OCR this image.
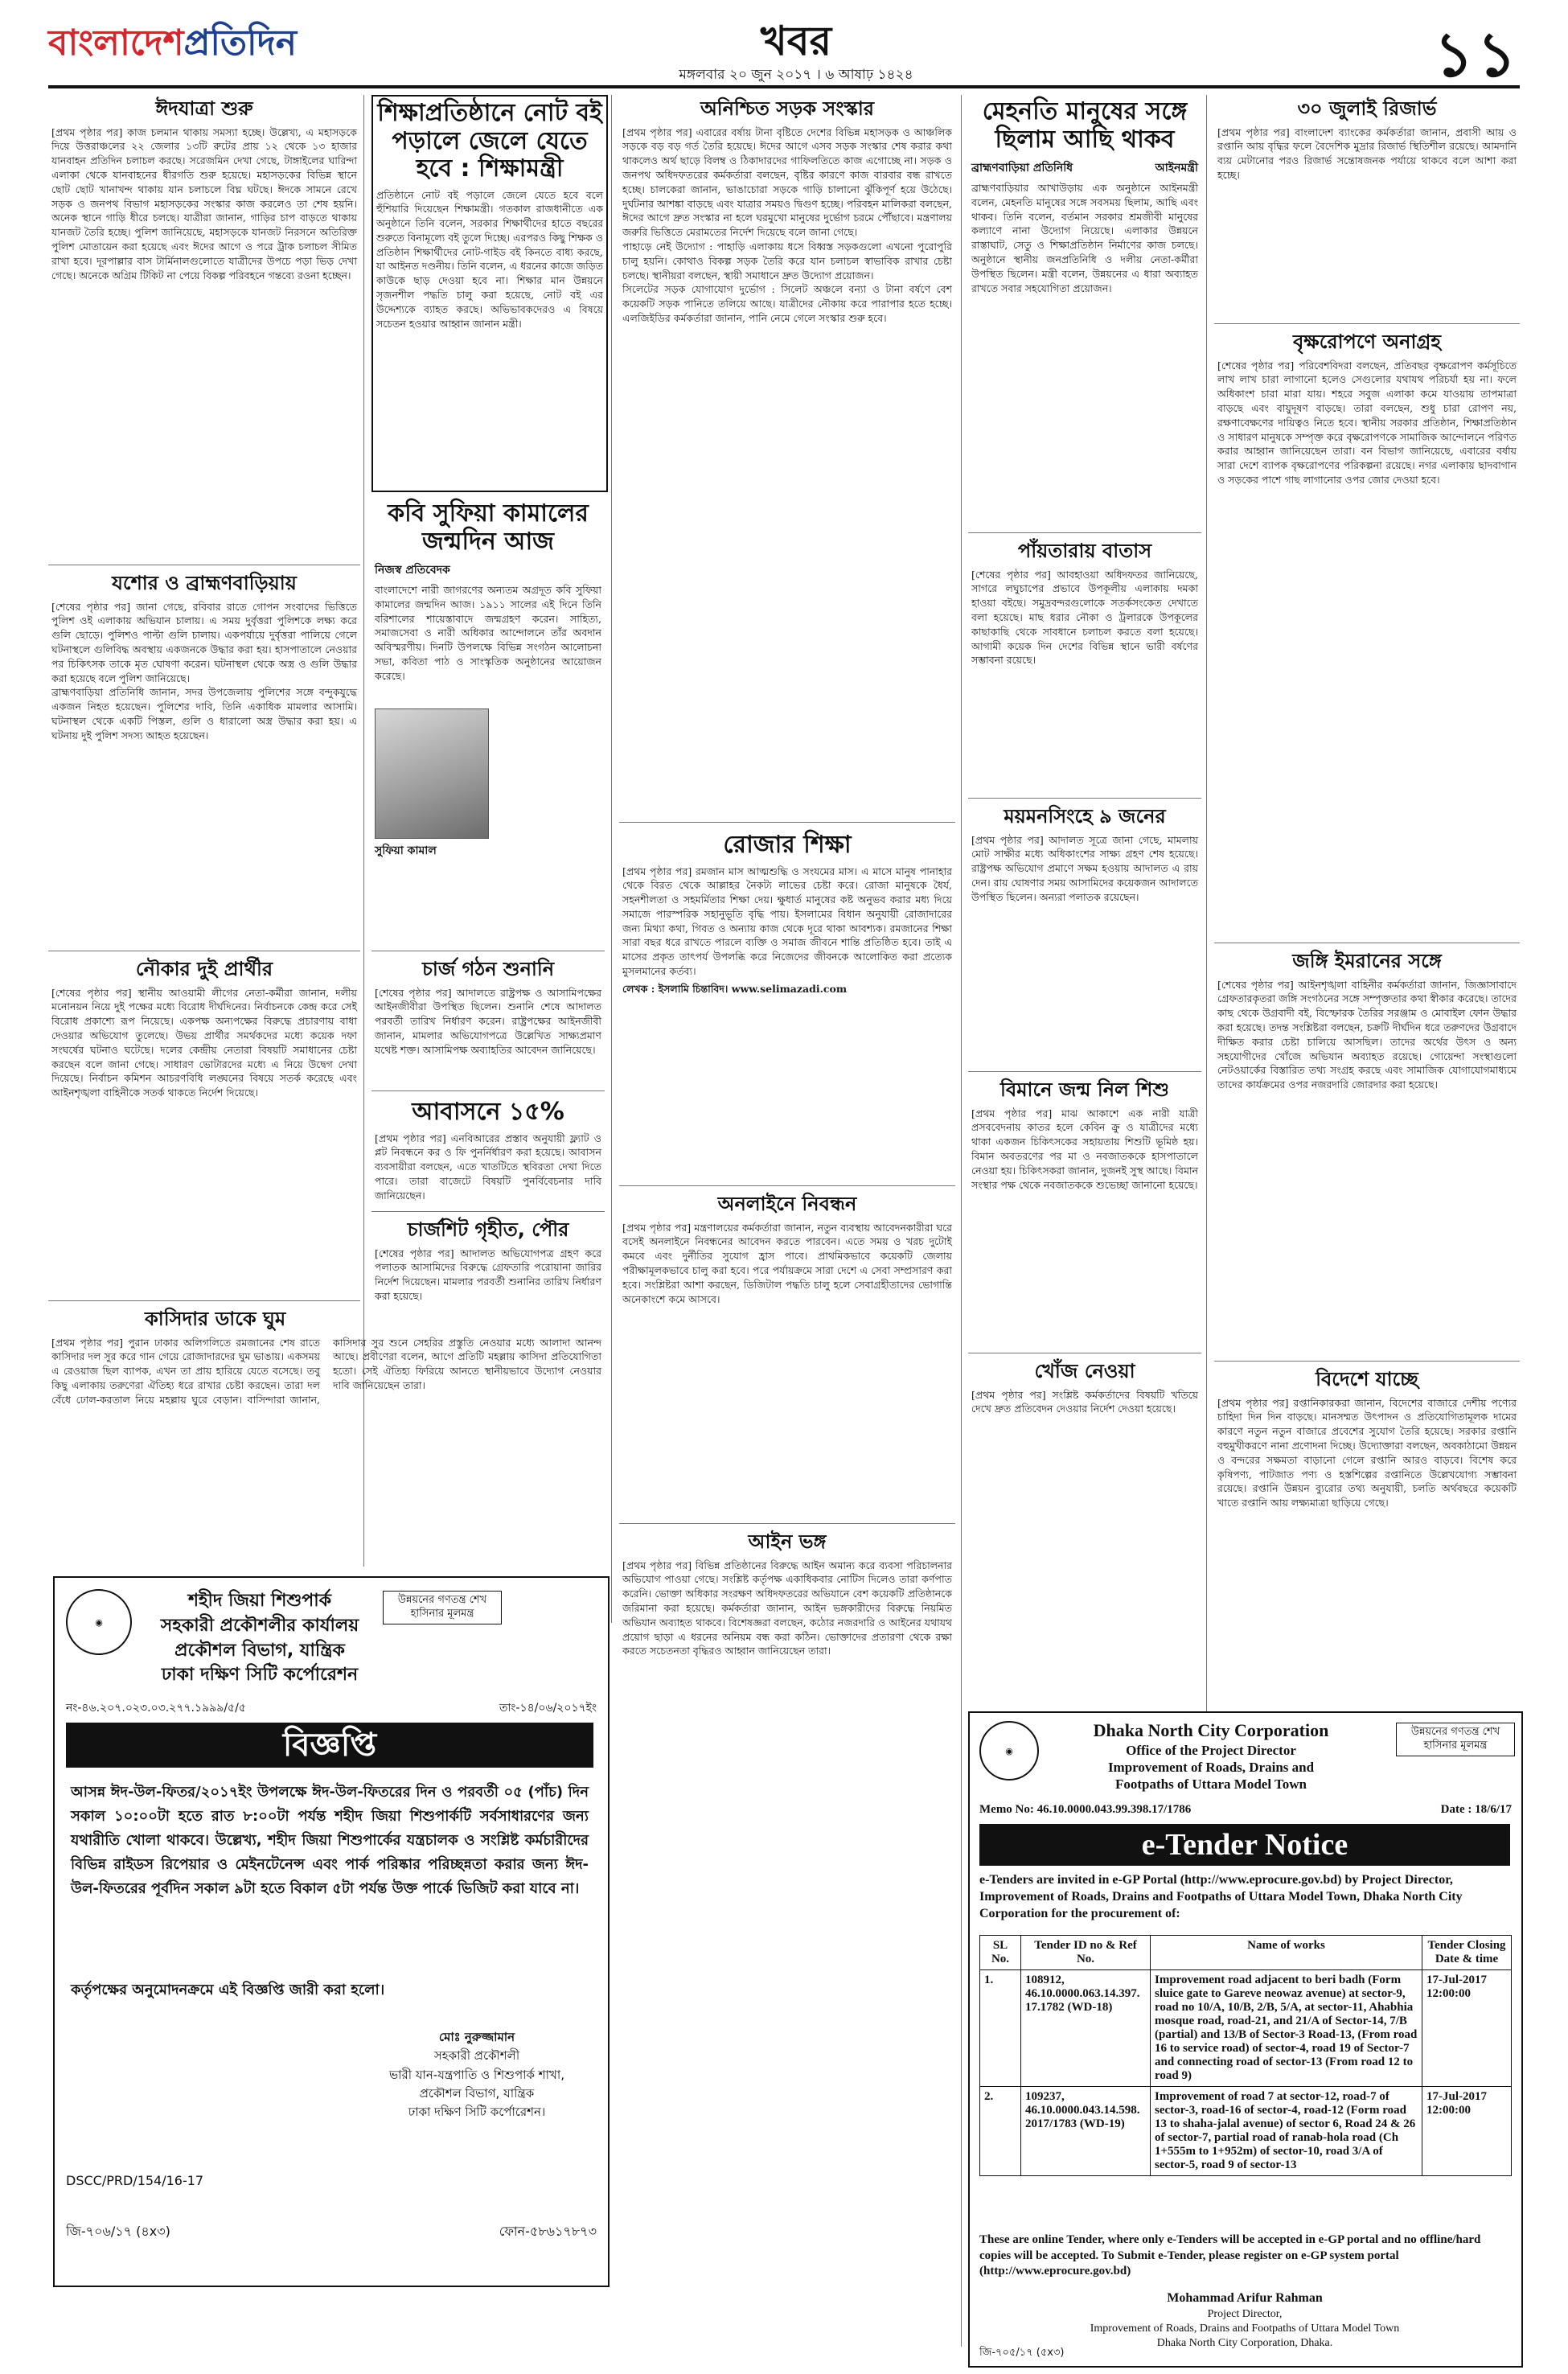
বাংলাদেশপ্রতিদিন	খবর
মঙ্গলবার ২০ জুন ২০১৭ । ৬ আষাঢ় ১৪২৪	১১
ঈদযাত্রা শুরু
[প্রথম পৃষ্ঠার পর] কাজ চলমান থাকায় সমস্যা হচ্ছে। উল্লেখ্য, এ মহাসড়কে দিয়ে উত্তরাঞ্চলের ২২ জেলার ১৩টি রুটের প্রায় ১২ থেকে ১৩ হাজার যানবাহন প্রতিদিন চলাচল করছে। সরেজমিন দেখা গেছে, টাঙ্গাইলের ঘারিন্দা এলাকা থেকে যানবাহনের ধীরগতি শুরু হয়েছে। মহাসড়কের বিভিন্ন স্থানে ছোট ছোট খানাখন্দ থাকায় যান চলাচলে বিঘ্ন ঘটছে। ঈদকে সামনে রেখে সড়ক ও জনপথ বিভাগ মহাসড়কের সংস্কার কাজ করলেও তা শেষ হয়নি। অনেক স্থানে গাড়ি ধীরে চলছে। যাত্রীরা জানান, গাড়ির চাপ বাড়তে থাকায় যানজট তৈরি হচ্ছে। পুলিশ জানিয়েছে, মহাসড়কে যানজট নিরসনে অতিরিক্ত পুলিশ মোতায়েন করা হয়েছে এবং ঈদের আগে ও পরে ট্রাক চলাচল সীমিত রাখা হবে। দূরপাল্লার বাস টার্মিনালগুলোতে যাত্রীদের উপচে পড়া ভিড় দেখা গেছে। অনেকে অগ্রিম টিকিট না পেয়ে বিকল্প পরিবহনে গন্তব্যে রওনা হচ্ছেন।
যশোর ও ব্রাহ্মণবাড়িয়ায়
[শেষের পৃষ্ঠার পর] জানা গেছে, রবিবার রাতে গোপন সংবাদের ভিত্তিতে পুলিশ ওই এলাকায় অভিযান চালায়। এ সময় দুর্বৃত্তরা পুলিশকে লক্ষ্য করে গুলি ছোড়ে। পুলিশও পাল্টা গুলি চালায়। একপর্যায়ে দুর্বৃত্তরা পালিয়ে গেলে ঘটনাস্থলে গুলিবিদ্ধ অবস্থায় একজনকে উদ্ধার করা হয়। হাসপাতালে নেওয়ার পর চিকিৎসক তাকে মৃত ঘোষণা করেন। ঘটনাস্থল থেকে অস্ত্র ও গুলি উদ্ধার করা হয়েছে বলে পুলিশ জানিয়েছে।
ব্রাহ্মণবাড়িয়া প্রতিনিধি জানান, সদর উপজেলায় পুলিশের সঙ্গে বন্দুকযুদ্ধে একজন নিহত হয়েছেন। পুলিশের দাবি, তিনি একাধিক মামলার আসামি। ঘটনাস্থল থেকে একটি পিস্তল, গুলি ও ধারালো অস্ত্র উদ্ধার করা হয়। এ ঘটনায় দুই পুলিশ সদস্য আহত হয়েছেন।
নৌকার দুই প্রার্থীর
[শেষের পৃষ্ঠার পর] স্থানীয় আওয়ামী লীগের নেতা-কর্মীরা জানান, দলীয় মনোনয়ন নিয়ে দুই পক্ষের মধ্যে বিরোধ দীর্ঘদিনের। নির্বাচনকে কেন্দ্র করে সেই বিরোধ প্রকাশ্যে রূপ নিয়েছে। একপক্ষ অন্যপক্ষের বিরুদ্ধে প্রচারণায় বাধা দেওয়ার অভিযোগ তুলেছে। উভয় প্রার্থীর সমর্থকদের মধ্যে কয়েক দফা সংঘর্ষের ঘটনাও ঘটেছে। দলের কেন্দ্রীয় নেতারা বিষয়টি সমাধানের চেষ্টা করছেন বলে জানা গেছে। সাধারণ ভোটারদের মধ্যে এ নিয়ে উদ্বেগ দেখা দিয়েছে। নির্বাচন কমিশন আচরণবিধি লঙ্ঘনের বিষয়ে সতর্ক করেছে এবং আইনশৃঙ্খলা বাহিনীকে সতর্ক থাকতে নির্দেশ দিয়েছে।
কাসিদার ডাকে ঘুম
[প্রথম পৃষ্ঠার পর] পুরান ঢাকার অলিগলিতে রমজানের শেষ রাতে কাসিদার দল সুর করে গান গেয়ে রোজাদারদের ঘুম ভাঙায়। একসময় এ রেওয়াজ ছিল ব্যাপক, এখন তা প্রায় হারিয়ে যেতে বসেছে। তবু কিছু এলাকায় তরুণেরা ঐতিহ্য ধরে রাখার চেষ্টা করছেন। তারা দল বেঁধে ঢোল-করতাল নিয়ে মহল্লায় ঘুরে বেড়ান। বাসিন্দারা জানান, কাসিদার সুর শুনে সেহরির প্রস্তুতি নেওয়ার মধ্যে আলাদা আনন্দ আছে। প্রবীণেরা বলেন, আগে প্রতিটি মহল্লায় কাসিদা প্রতিযোগিতা হতো। সেই ঐতিহ্য ফিরিয়ে আনতে স্থানীয়ভাবে উদ্যোগ নেওয়ার দাবি জানিয়েছেন তারা।
শিক্ষাপ্রতিষ্ঠানে নোট বই পড়ালে জেলে যেতে হবে : শিক্ষামন্ত্রী
প্রতিষ্ঠানে নোট বই পড়ালে জেলে যেতে হবে বলে হুঁশিয়ারি দিয়েছেন শিক্ষামন্ত্রী। গতকাল রাজধানীতে এক অনুষ্ঠানে তিনি বলেন, সরকার শিক্ষার্থীদের হাতে বছরের শুরুতে বিনামূল্যে বই তুলে দিচ্ছে। এরপরও কিছু শিক্ষক ও প্রতিষ্ঠান শিক্ষার্থীদের নোট-গাইড বই কিনতে বাধ্য করছে, যা আইনত দণ্ডনীয়। তিনি বলেন, এ ধরনের কাজে জড়িত কাউকে ছাড় দেওয়া হবে না। শিক্ষার মান উন্নয়নে সৃজনশীল পদ্ধতি চালু করা হয়েছে, নোট বই এর উদ্দেশ্যকে ব্যাহত করছে। অভিভাবকদেরও এ বিষয়ে সচেতন হওয়ার আহ্বান জানান মন্ত্রী।
কবি সুফিয়া কামালের জন্মদিন আজ
নিজস্ব প্রতিবেদক
বাংলাদেশে নারী জাগরণের অন্যতম অগ্রদূত কবি সুফিয়া কামালের জন্মদিন আজ। ১৯১১ সালের এই দিনে তিনি বরিশালের শায়েস্তাবাদে জন্মগ্রহণ করেন। সাহিত্য, সমাজসেবা ও নারী অধিকার আন্দোলনে তাঁর অবদান অবিস্মরণীয়। দিনটি উপলক্ষে বিভিন্ন সংগঠন আলোচনা সভা, কবিতা পাঠ ও সাংস্কৃতিক অনুষ্ঠানের আয়োজন করেছে।
সুফিয়া কামাল
চার্জ গঠন শুনানি
[শেষের পৃষ্ঠার পর] আদালতে রাষ্ট্রপক্ষ ও আসামিপক্ষের আইনজীবীরা উপস্থিত ছিলেন। শুনানি শেষে আদালত পরবর্তী তারিখ নির্ধারণ করেন। রাষ্ট্রপক্ষের আইনজীবী জানান, মামলার অভিযোগপত্রে উল্লেখিত সাক্ষ্যপ্রমাণ যথেষ্ট শক্ত। আসামিপক্ষ অব্যাহতির আবেদন জানিয়েছে।
আবাসনে ১৫%
[প্রথম পৃষ্ঠার পর] এনবিআরের প্রস্তাব অনুযায়ী ফ্ল্যাট ও প্লট নিবন্ধনে কর ও ফি পুনর্নির্ধারণ করা হয়েছে। আবাসন ব্যবসায়ীরা বলছেন, এতে খাতটিতে স্থবিরতা দেখা দিতে পারে। তারা বাজেটে বিষয়টি পুনর্বিবেচনার দাবি জানিয়েছেন।
চার্জশিট গৃহীত, পৌর
[শেষের পৃষ্ঠার পর] আদালত অভিযোগপত্র গ্রহণ করে পলাতক আসামিদের বিরুদ্ধে গ্রেফতারি পরোয়ানা জারির নির্দেশ দিয়েছেন। মামলার পরবর্তী শুনানির তারিখ নির্ধারণ করা হয়েছে।
অনিশ্চিত সড়ক সংস্কার
[প্রথম পৃষ্ঠার পর] এবারের বর্ষায় টানা বৃষ্টিতে দেশের বিভিন্ন মহাসড়ক ও আঞ্চলিক সড়কে বড় বড় গর্ত তৈরি হয়েছে। ঈদের আগে এসব সড়ক সংস্কার শেষ করার কথা থাকলেও অর্থ ছাড়ে বিলম্ব ও ঠিকাদারদের গাফিলতিতে কাজ এগোচ্ছে না। সড়ক ও জনপথ অধিদফতরের কর্মকর্তারা বলছেন, বৃষ্টির কারণে কাজ বারবার বন্ধ রাখতে হচ্ছে। চালকেরা জানান, ভাঙাচোরা সড়কে গাড়ি চালানো ঝুঁকিপূর্ণ হয়ে উঠেছে। দুর্ঘটনার আশঙ্কা বাড়ছে এবং যাত্রার সময়ও দ্বিগুণ হচ্ছে। পরিবহন মালিকরা বলছেন, ঈদের আগে দ্রুত সংস্কার না হলে ঘরমুখো মানুষের দুর্ভোগ চরমে পৌঁছাবে। মন্ত্রণালয় জরুরি ভিত্তিতে মেরামতের নির্দেশ দিয়েছে বলে জানা গেছে।
পাহাড়ে নেই উদ্যোগ : পাহাড়ি এলাকায় ধসে বিধ্বস্ত সড়কগুলো এখনো পুরোপুরি চালু হয়নি। কোথাও বিকল্প সড়ক তৈরি করে যান চলাচল স্বাভাবিক রাখার চেষ্টা চলছে। স্থানীয়রা বলছেন, স্থায়ী সমাধানে দ্রুত উদ্যোগ প্রয়োজন।
সিলেটের সড়ক যোগাযোগ দুর্ভোগ : সিলেট অঞ্চলে বন্যা ও টানা বর্ষণে বেশ কয়েকটি সড়ক পানিতে তলিয়ে আছে। যাত্রীদের নৌকায় করে পারাপার হতে হচ্ছে। এলজিইডির কর্মকর্তারা জানান, পানি নেমে গেলে সংস্কার শুরু হবে।
রোজার শিক্ষা
[প্রথম পৃষ্ঠার পর] রমজান মাস আত্মশুদ্ধি ও সংযমের মাস। এ মাসে মানুষ পানাহার থেকে বিরত থেকে আল্লাহর নৈকট্য লাভের চেষ্টা করে। রোজা মানুষকে ধৈর্য, সহনশীলতা ও সহমর্মিতার শিক্ষা দেয়। ক্ষুধার্ত মানুষের কষ্ট অনুভব করার মধ্য দিয়ে সমাজে পারস্পরিক সহানুভূতি বৃদ্ধি পায়। ইসলামের বিধান অনুযায়ী রোজাদারের জন্য মিথ্যা কথা, গিবত ও অন্যায় কাজ থেকে দূরে থাকা আবশ্যক। রমজানের শিক্ষা সারা বছর ধরে রাখতে পারলে ব্যক্তি ও সমাজ জীবনে শান্তি প্রতিষ্ঠিত হবে। তাই এ মাসের প্রকৃত তাৎপর্য উপলব্ধি করে নিজেদের জীবনকে আলোকিত করা প্রত্যেক মুসলমানের কর্তব্য।
লেখক : ইসলামি চিন্তাবিদ। www.selimazadi.com
অনলাইনে নিবন্ধন
[প্রথম পৃষ্ঠার পর] মন্ত্রণালয়ের কর্মকর্তারা জানান, নতুন ব্যবস্থায় আবেদনকারীরা ঘরে বসেই অনলাইনে নিবন্ধনের আবেদন করতে পারবেন। এতে সময় ও খরচ দুটোই কমবে এবং দুর্নীতির সুযোগ হ্রাস পাবে। প্রাথমিকভাবে কয়েকটি জেলায় পরীক্ষামূলকভাবে চালু করা হবে। পরে পর্যায়ক্রমে সারা দেশে এ সেবা সম্প্রসারণ করা হবে। সংশ্লিষ্টরা আশা করছেন, ডিজিটাল পদ্ধতি চালু হলে সেবাগ্রহীতাদের ভোগান্তি অনেকাংশে কমে আসবে।
আইন ভঙ্গ
[প্রথম পৃষ্ঠার পর] বিভিন্ন প্রতিষ্ঠানের বিরুদ্ধে আইন অমান্য করে ব্যবসা পরিচালনার অভিযোগ পাওয়া গেছে। সংশ্লিষ্ট কর্তৃপক্ষ একাধিকবার নোটিস দিলেও তারা কর্ণপাত করেনি। ভোক্তা অধিকার সংরক্ষণ অধিদফতরের অভিযানে বেশ কয়েকটি প্রতিষ্ঠানকে জরিমানা করা হয়েছে। কর্মকর্তারা জানান, আইন ভঙ্গকারীদের বিরুদ্ধে নিয়মিত অভিযান অব্যাহত থাকবে। বিশেষজ্ঞরা বলছেন, কঠোর নজরদারি ও আইনের যথাযথ প্রয়োগ ছাড়া এ ধরনের অনিয়ম বন্ধ করা কঠিন। ভোক্তাদের প্রতারণা থেকে রক্ষা করতে সচেতনতা বৃদ্ধিরও আহ্বান জানিয়েছেন তারা।
মেহনতি মানুষের সঙ্গে ছিলাম আছি থাকব
ব্রাহ্মণবাড়িয়া প্রতিনিধি	আইনমন্ত্রী
ব্রাহ্মণবাড়িয়ার আখাউড়ায় এক অনুষ্ঠানে আইনমন্ত্রী বলেন, মেহনতি মানুষের সঙ্গে সবসময় ছিলাম, আছি এবং থাকব। তিনি বলেন, বর্তমান সরকার শ্রমজীবী মানুষের কল্যাণে নানা উদ্যোগ নিয়েছে। এলাকার উন্নয়নে রাস্তাঘাট, সেতু ও শিক্ষাপ্রতিষ্ঠান নির্মাণের কাজ চলছে। অনুষ্ঠানে স্থানীয় জনপ্রতিনিধি ও দলীয় নেতা-কর্মীরা উপস্থিত ছিলেন। মন্ত্রী বলেন, উন্নয়নের এ ধারা অব্যাহত রাখতে সবার সহযোগিতা প্রয়োজন।
পাঁয়তারায় বাতাস
[শেষের পৃষ্ঠার পর] আবহাওয়া অধিদফতর জানিয়েছে, সাগরে লঘুচাপের প্রভাবে উপকূলীয় এলাকায় দমকা হাওয়া বইছে। সমুদ্রবন্দরগুলোকে সতর্কসংকেত দেখাতে বলা হয়েছে। মাছ ধরার নৌকা ও ট্রলারকে উপকূলের কাছাকাছি থেকে সাবধানে চলাচল করতে বলা হয়েছে। আগামী কয়েক দিন দেশের বিভিন্ন স্থানে ভারী বর্ষণের সম্ভাবনা রয়েছে।
ময়মনসিংহে ৯ জনের
[প্রথম পৃষ্ঠার পর] আদালত সূত্রে জানা গেছে, মামলায় মোট সাক্ষীর মধ্যে অধিকাংশের সাক্ষ্য গ্রহণ শেষ হয়েছে। রাষ্ট্রপক্ষ অভিযোগ প্রমাণে সক্ষম হওয়ায় আদালত এ রায় দেন। রায় ঘোষণার সময় আসামিদের কয়েকজন আদালতে উপস্থিত ছিলেন। অন্যরা পলাতক রয়েছেন।
বিমানে জন্ম নিল শিশু
[প্রথম পৃষ্ঠার পর] মাঝ আকাশে এক নারী যাত্রী প্রসববেদনায় কাতর হলে কেবিন ক্রু ও যাত্রীদের মধ্যে থাকা একজন চিকিৎসকের সহায়তায় শিশুটি ভূমিষ্ঠ হয়। বিমান অবতরণের পর মা ও নবজাতককে হাসপাতালে নেওয়া হয়। চিকিৎসকরা জানান, দুজনই সুস্থ আছে। বিমান সংস্থার পক্ষ থেকে নবজাতককে শুভেচ্ছা জানানো হয়েছে।
খোঁজ নেওয়া
[প্রথম পৃষ্ঠার পর] সংশ্লিষ্ট কর্মকর্তাদের বিষয়টি খতিয়ে দেখে দ্রুত প্রতিবেদন দেওয়ার নির্দেশ দেওয়া হয়েছে।
৩০ জুলাই রিজার্ভ
[প্রথম পৃষ্ঠার পর] বাংলাদেশ ব্যাংকের কর্মকর্তারা জানান, প্রবাসী আয় ও রপ্তানি আয় বৃদ্ধির ফলে বৈদেশিক মুদ্রার রিজার্ভ স্থিতিশীল রয়েছে। আমদানি ব্যয় মেটানোর পরও রিজার্ভ সন্তোষজনক পর্যায়ে থাকবে বলে আশা করা হচ্ছে।
বৃক্ষরোপণে অনাগ্রহ
[শেষের পৃষ্ঠার পর] পরিবেশবিদরা বলছেন, প্রতিবছর বৃক্ষরোপণ কর্মসূচিতে লাখ লাখ চারা লাগানো হলেও সেগুলোর যথাযথ পরিচর্যা হয় না। ফলে অধিকাংশ চারা মারা যায়। শহরে সবুজ এলাকা কমে যাওয়ায় তাপমাত্রা বাড়ছে এবং বায়ুদূষণ বাড়ছে। তারা বলছেন, শুধু চারা রোপণ নয়, রক্ষণাবেক্ষণের দায়িত্বও নিতে হবে। স্থানীয় সরকার প্রতিষ্ঠান, শিক্ষাপ্রতিষ্ঠান ও সাধারণ মানুষকে সম্পৃক্ত করে বৃক্ষরোপণকে সামাজিক আন্দোলনে পরিণত করার আহ্বান জানিয়েছেন তারা। বন বিভাগ জানিয়েছে, এবারের বর্ষায় সারা দেশে ব্যাপক বৃক্ষরোপণের পরিকল্পনা রয়েছে। নগর এলাকায় ছাদবাগান ও সড়কের পাশে গাছ লাগানোর ওপর জোর দেওয়া হবে।
জঙ্গি ইমরানের সঙ্গে
[শেষের পৃষ্ঠার পর] আইনশৃঙ্খলা বাহিনীর কর্মকর্তারা জানান, জিজ্ঞাসাবাদে গ্রেফতারকৃতরা জঙ্গি সংগঠনের সঙ্গে সম্পৃক্ততার কথা স্বীকার করেছে। তাদের কাছ থেকে উগ্রবাদী বই, বিস্ফোরক তৈরির সরঞ্জাম ও মোবাইল ফোন উদ্ধার করা হয়েছে। তদন্ত সংশ্লিষ্টরা বলছেন, চক্রটি দীর্ঘদিন ধরে তরুণদের উগ্রবাদে দীক্ষিত করার চেষ্টা চালিয়ে আসছিল। তাদের অর্থের উৎস ও অন্য সহযোগীদের খোঁজে অভিযান অব্যাহত রয়েছে। গোয়েন্দা সংস্থাগুলো নেটওয়ার্কের বিস্তারিত তথ্য সংগ্রহ করছে এবং সামাজিক যোগাযোগমাধ্যমে তাদের কার্যক্রমের ওপর নজরদারি জোরদার করা হয়েছে।
বিদেশে যাচ্ছে
[প্রথম পৃষ্ঠার পর] রপ্তানিকারকরা জানান, বিদেশের বাজারে দেশীয় পণ্যের চাহিদা দিন দিন বাড়ছে। মানসম্মত উৎপাদন ও প্রতিযোগিতামূলক দামের কারণে নতুন নতুন বাজারে প্রবেশের সুযোগ তৈরি হয়েছে। সরকার রপ্তানি বহুমুখীকরণে নানা প্রণোদনা দিচ্ছে। উদ্যোক্তারা বলছেন, অবকাঠামো উন্নয়ন ও বন্দরের সক্ষমতা বাড়ানো গেলে রপ্তানি আরও বাড়বে। বিশেষ করে কৃষিপণ্য, পাটজাত পণ্য ও হস্তশিল্পের রপ্তানিতে উল্লেখযোগ্য সম্ভাবনা রয়েছে। রপ্তানি উন্নয়ন ব্যুরোর তথ্য অনুযায়ী, চলতি অর্থবছরে কয়েকটি খাতে রপ্তানি আয় লক্ষ্যমাত্রা ছাড়িয়ে গেছে।
◉
উন্নয়নের গণতন্ত্র শেখ হাসিনার মূলমন্ত্র
শহীদ জিয়া শিশুপার্ক
সহকারী প্রকৌশলীর কার্যালয়
প্রকৌশল বিভাগ, যান্ত্রিক
ঢাকা দক্ষিণ সিটি কর্পোরেশন
নং-৪৬.২০৭.০২৩.০৩.২৭৭.১৯৯৯/৫/৫	তাং-১৪/০৬/২০১৭ইং
বিজ্ঞপ্তি
আসন্ন ঈদ-উল-ফিতর/২০১৭ইং উপলক্ষে ঈদ-উল-ফিতরের দিন ও পরবর্তী ০৫ (পাঁচ) দিন সকাল ১০:০০টা হতে রাত ৮:০০টা পর্যন্ত শহীদ জিয়া শিশুপার্কটি সর্বসাধারণের জন্য যথারীতি খোলা থাকবে। উল্লেখ্য, শহীদ জিয়া শিশুপার্কের যন্ত্রচালক ও সংশ্লিষ্ট কর্মচারীদের বিভিন্ন রাইডস রিপেয়ার ও মেইনটেনেন্স এবং পার্ক পরিষ্কার পরিচ্ছন্নতা করার জন্য ঈদ-উল-ফিতরের পূর্বদিন সকাল ৯টা হতে বিকাল ৫টা পর্যন্ত উক্ত পার্কে ভিজিট করা যাবে না।
কর্তৃপক্ষের অনুমোদনক্রমে এই বিজ্ঞপ্তি জারী করা হলো।
মোঃ নুরুজ্জামান
সহকারী প্রকৌশলী
ভারী যান-যন্ত্রপাতি ও শিশুপার্ক শাখা,
প্রকৌশল বিভাগ, যান্ত্রিক
ঢাকা দক্ষিণ সিটি কর্পোরেশন।
DSCC/PRD/154/16-17
জি-৭০৬/১৭ (৪x৩)	ফোন-৫৮৬১৭৮৭৩
◉
Dhaka North City Corporation
Office of the Project Director
Improvement of Roads, Drains and
Footpaths of Uttara Model Town
উন্নয়নের গণতন্ত্র শেখ হাসিনার মূলমন্ত্র
Memo No: 46.10.0000.043.99.398.17/1786	Date : 18/6/17
e-Tender Notice
e-Tenders are invited in e-GP Portal (http://www.eprocure.gov.bd) by Project Director, Improvement of Roads, Drains and Footpaths of Uttara Model Town, Dhaka North City Corporation for the procurement of:
SL No.	Tender ID no & Ref No.	Name of works	Tender Closing Date & time
1.	108912, 46.10.0000.063.14.397. 17.1782 (WD-18)	Improvement road adjacent to beri badh (Form sluice gate to Gareve neowaz avenue) at sector-9, road no 10/A, 10/B, 2/B, 5/A, at sector-11, Ahabhia mosque road, road-21, and 21/A of Sector-14, 7/B (partial) and 13/B of Sector-3 Road-13, (From road 16 to service road) of sector-4, road 19 of Sector-7 and connecting road of sector-13 (From road 12 to road 9)	17-Jul-2017 12:00:00
2.	109237, 46.10.0000.043.14.598. 2017/1783 (WD-19)	Improvement of road 7 at sector-12, road-7 of sector-3, road-16 of sector-4, road-12 (Form road 13 to shaha-jalal avenue) of sector 6, Road 24 & 26 of sector-7, partial road of ranab-hola road (Ch 1+555m to 1+952m) of sector-10, road 3/A of sector-5, road 9 of sector-13	17-Jul-2017 12:00:00
These are online Tender, where only e-Tenders will be accepted in e-GP portal and no offline/hard copies will be accepted. To Submit e-Tender, please register on e-GP system portal (http://www.eprocure.gov.bd)
Mohammad Arifur Rahman
Project Director,
Improvement of Roads, Drains and Footpaths of Uttara Model Town
Dhaka North City Corporation, Dhaka.
জি-৭০৫/১৭ (৫x৩)
